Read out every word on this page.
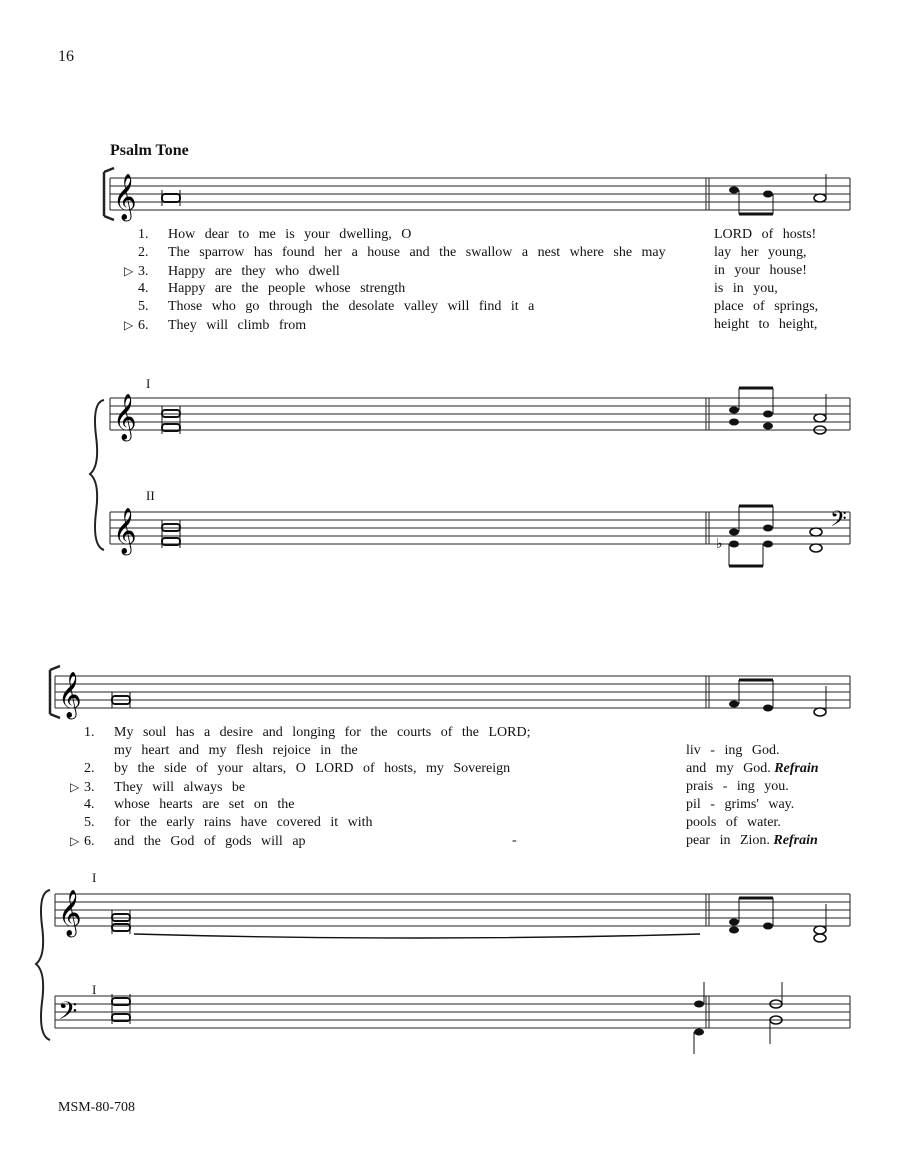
16
Psalm Tone
𝄞
1. How dear to me is your dwelling, O	LORD of hosts!
2. The sparrow has found her a house and the swallow a nest where she may	lay her young,
▷ 3. Happy are they who dwell	in your house!
4. Happy are the people whose strength	is in you,
5. Those who go through the desolate valley will find it a	place of springs,
▷ 6. They will climb from	height to height,
I
𝄞
II
𝄞	♭
𝄢
𝄞
1. My soul has a desire and longing for the courts of the LORD;
my heart and my flesh rejoice in the	liv - ing God.
2. by the side of your altars, O LORD of hosts, my Sovereign	and my God. Refrain
▷ 3. They will always be	prais - ing you.
4. whose hearts are set on the	pil - grims' way.
5. for the early rains have covered it with	pools of water.
▷ 6. and the God of gods will ap	-	pear in Zion. Refrain
I
𝄞
I
𝄢
MSM-80-708
